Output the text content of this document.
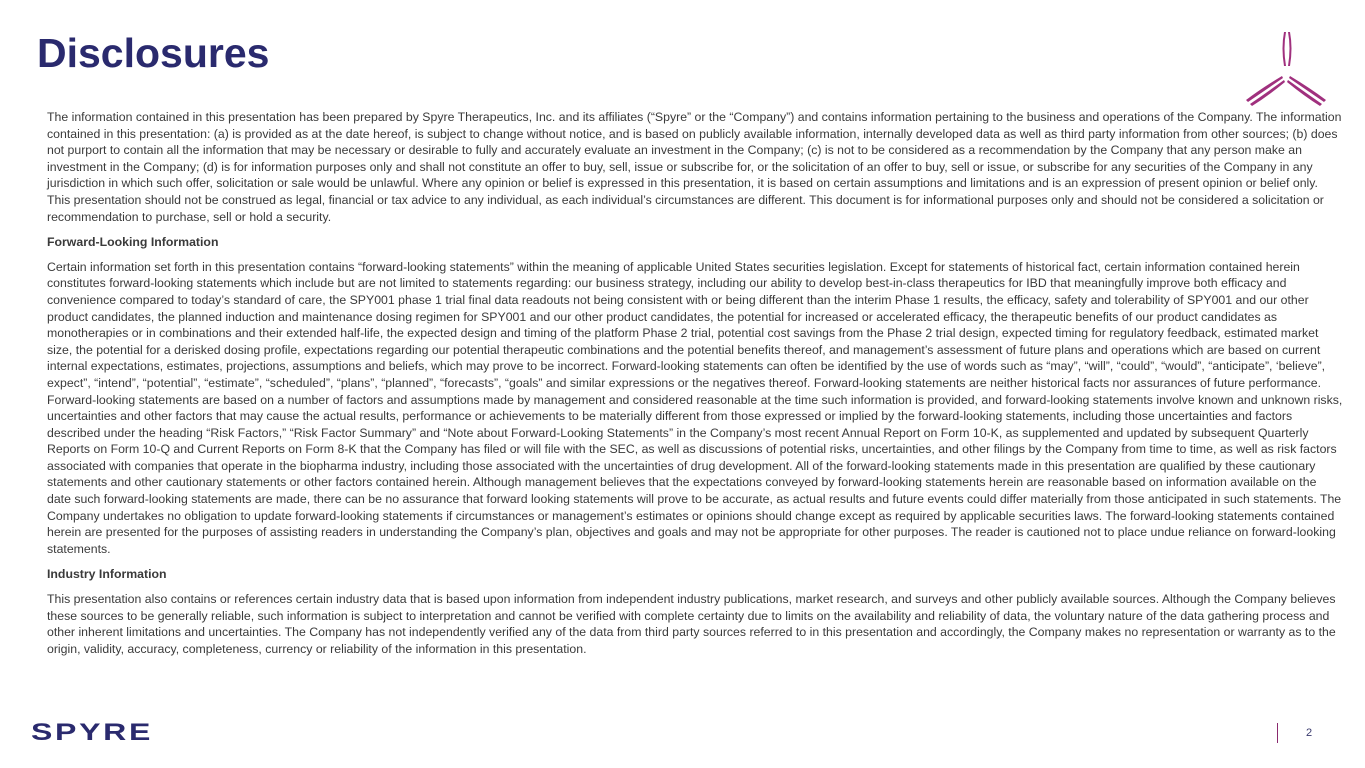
Disclosures

The information contained in this presentation has been prepared by Spyre Therapeutics, Inc. and its affiliates (“Spyre” or the “Company”) and contains information pertaining to the business and operations of the Company. The information contained in this presentation: (a) is provided as at the date hereof, is subject to change without notice, and is based on publicly available information, internally developed data as well as third party information from other sources; (b) does not purport to contain all the information that may be necessary or desirable to fully and accurately evaluate an investment in the Company; (c) is not to be considered as a recommendation by the Company that any person make an investment in the Company; (d) is for information purposes only and shall not constitute an offer to buy, sell, issue or subscribe for, or the solicitation of an offer to buy, sell or issue, or subscribe for any securities of the Company in any jurisdiction in which such offer, solicitation or sale would be unlawful. Where any opinion or belief is expressed in this presentation, it is based on certain assumptions and limitations and is an expression of present opinion or belief only. This presentation should not be construed as legal, financial or tax advice to any individual, as each individual’s circumstances are different. This document is for informational purposes only and should not be considered a solicitation or recommendation to purchase, sell or hold a security.

Forward-Looking Information

Certain information set forth in this presentation contains “forward-looking statements” within the meaning of applicable United States securities legislation. Except for statements of historical fact, certain information contained herein constitutes forward-looking statements which include but are not limited to statements regarding: our business strategy, including our ability to develop best-in-class therapeutics for IBD that meaningfully improve both efficacy and convenience compared to today’s standard of care, the SPY001 phase 1 trial final data readouts not being consistent with or being different than the interim Phase 1 results, the efficacy, safety and tolerability of SPY001 and our other product candidates, the planned induction and maintenance dosing regimen for SPY001 and our other product candidates, the potential for increased or accelerated efficacy, the therapeutic benefits of our product candidates as monotherapies or in combinations and their extended half-life, the expected design and timing of the platform Phase 2 trial, potential cost savings from the Phase 2 trial design, expected timing for regulatory feedback, estimated market size, the potential for a derisked dosing profile, expectations regarding our potential therapeutic combinations and the potential benefits thereof, and management’s assessment of future plans and operations which are based on current internal expectations, estimates, projections, assumptions and beliefs, which may prove to be incorrect. Forward-looking statements can often be identified by the use of words such as “may”, “will”, “could”, “would”, “anticipate”, ‘believe”, expect”, “intend”, “potential”, “estimate”, “scheduled”, “plans”, “planned”, “forecasts”, “goals” and similar expressions or the negatives thereof. Forward-looking statements are neither historical facts nor assurances of future performance. Forward-looking statements are based on a number of factors and assumptions made by management and considered reasonable at the time such information is provided, and forward-looking statements involve known and unknown risks, uncertainties and other factors that may cause the actual results, performance or achievements to be materially different from those expressed or implied by the forward-looking statements, including those uncertainties and factors described under the heading “Risk Factors,” “Risk Factor Summary” and “Note about Forward-Looking Statements” in the Company’s most recent Annual Report on Form 10-K, as supplemented and updated by subsequent Quarterly Reports on Form 10-Q and Current Reports on Form 8-K that the Company has filed or will file with the SEC, as well as discussions of potential risks, uncertainties, and other filings by the Company from time to time, as well as risk factors associated with companies that operate in the biopharma industry, including those associated with the uncertainties of drug development. All of the forward-looking statements made in this presentation are qualified by these cautionary statements and other cautionary statements or other factors contained herein. Although management believes that the expectations conveyed by forward-looking statements herein are reasonable based on information available on the date such forward-looking statements are made, there can be no assurance that forward looking statements will prove to be accurate, as actual results and future events could differ materially from those anticipated in such statements. The Company undertakes no obligation to update forward-looking statements if circumstances or management’s estimates or opinions should change except as required by applicable securities laws. The forward-looking statements contained herein are presented for the purposes of assisting readers in understanding the Company’s plan, objectives and goals and may not be appropriate for other purposes. The reader is cautioned not to place undue reliance on forward-looking statements.

Industry Information

This presentation also contains or references certain industry data that is based upon information from independent industry publications, market research, and surveys and other publicly available sources. Although the Company believes these sources to be generally reliable, such information is subject to interpretation and cannot be verified with complete certainty due to limits on the availability and reliability of data, the voluntary nature of the data gathering process and other inherent limitations and uncertainties. The Company has not independently verified any of the data from third party sources referred to in this presentation and accordingly, the Company makes no representation or warranty as to the origin, validity, accuracy, completeness, currency or reliability of the information in this presentation.

SPYRE	2
